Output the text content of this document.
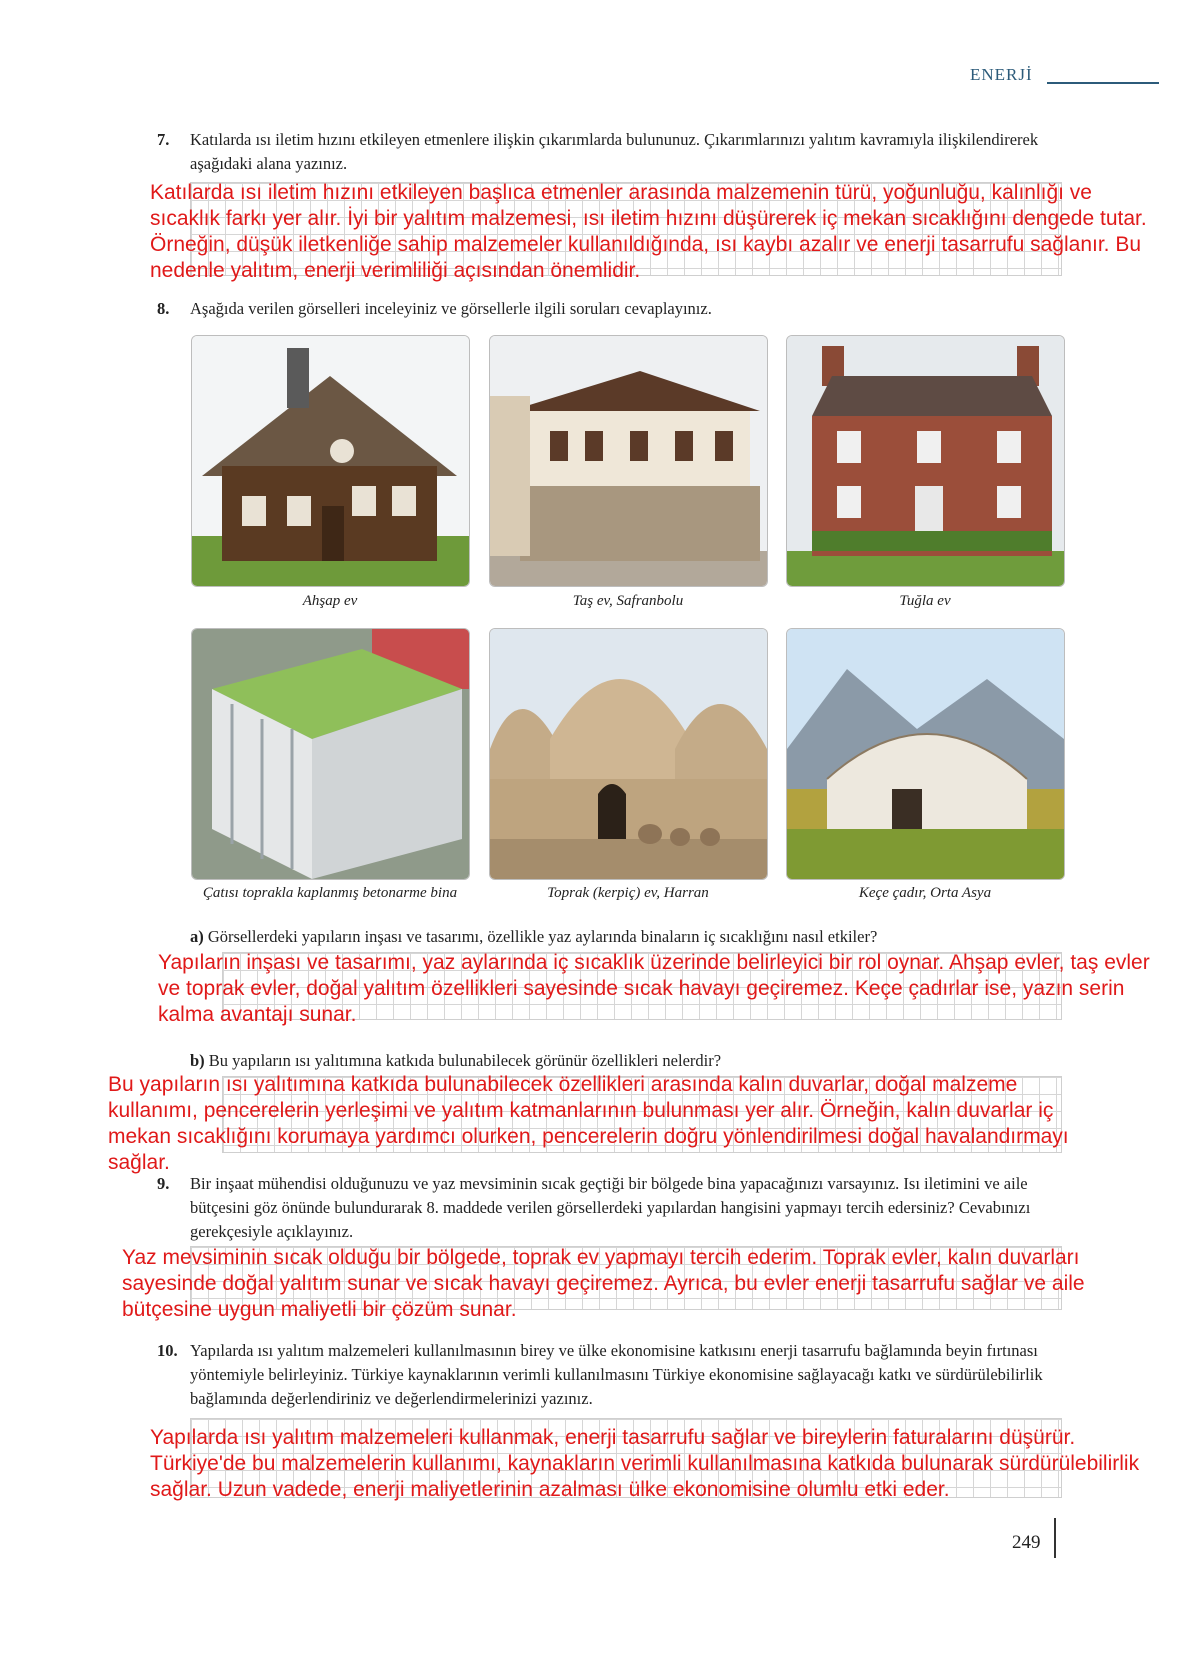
ENERJİ
7.	Katılarda ısı iletim hızını etkileyen etmenlere ilişkin çıkarımlarda bulununuz. Çıkarımlarınızı yalıtım kavramıyla ilişkilendirerek aşağıdaki alana yazınız.
Katılarda ısı iletim hızını etkileyen başlıca etmenler arasında malzemenin türü, yoğunluğu, kalınlığı ve sıcaklık farkı yer alır. İyi bir yalıtım malzemesi, ısı iletim hızını düşürerek iç mekan sıcaklığını dengede tutar. Örneğin, düşük iletkenliğe sahip malzemeler kullanıldığında, ısı kaybı azalır ve enerji tasarrufu sağlanır. Bu nedenle yalıtım, enerji verimliliği açısından önemlidir.
8.	Aşağıda verilen görselleri inceleyiniz ve görsellerle ilgili soruları cevaplayınız.
Ahşap ev	Taş ev, Safranbolu	Tuğla ev
Çatısı toprakla kaplanmış betonarme bina	Toprak (kerpiç) ev, Harran	Keçe çadır, Orta Asya
a) Görsellerdeki yapıların inşası ve tasarımı, özellikle yaz aylarında binaların iç sıcaklığını nasıl etkiler?
Yapıların inşası ve tasarımı, yaz aylarında iç sıcaklık üzerinde belirleyici bir rol oynar. Ahşap evler, taş evler ve toprak evler, doğal yalıtım özellikleri sayesinde sıcak havayı geçiremez. Keçe çadırlar ise, yazın serin kalma avantajı sunar.
b) Bu yapıların ısı yalıtımına katkıda bulunabilecek görünür özellikleri nelerdir?
Bu yapıların ısı yalıtımına katkıda bulunabilecek özellikleri arasında kalın duvarlar, doğal malzeme kullanımı, pencerelerin yerleşimi ve yalıtım katmanlarının bulunması yer alır. Örneğin, kalın duvarlar iç mekan sıcaklığını korumaya yardımcı olurken, pencerelerin doğru yönlendirilmesi doğal havalandırmayı sağlar.
9.	Bir inşaat mühendisi olduğunuzu ve yaz mevsiminin sıcak geçtiği bir bölgede bina yapacağınızı varsayınız. Isı iletimini ve aile bütçesini göz önünde bulundurarak 8. maddede verilen görsellerdeki yapılardan hangisini yapmayı tercih edersiniz? Cevabınızı gerekçesiyle açıklayınız.
Yaz mevsiminin sıcak olduğu bir bölgede, toprak ev yapmayı tercih ederim. Toprak evler, kalın duvarları sayesinde doğal yalıtım sunar ve sıcak havayı geçiremez. Ayrıca, bu evler enerji tasarrufu sağlar ve aile bütçesine uygun maliyetli bir çözüm sunar.
10. Yapılarda ısı yalıtım malzemeleri kullanılmasının birey ve ülke ekonomisine katkısını enerji tasarrufu bağlamında beyin fırtınası yöntemiyle belirleyiniz. Türkiye kaynaklarının verimli kullanılmasını Türkiye ekonomisine sağlayacağı katkı ve sürdürülebilirlik bağlamında değerlendiriniz ve değerlendirmelerinizi yazınız.
Yapılarda ısı yalıtım malzemeleri kullanmak, enerji tasarrufu sağlar ve bireylerin faturalarını düşürür. Türkiye'de bu malzemelerin kullanımı, kaynakların verimli kullanılmasına katkıda bulunarak sürdürülebilirlik sağlar. Uzun vadede, enerji maliyetlerinin azalması ülke ekonomisine olumlu etki eder.
249
